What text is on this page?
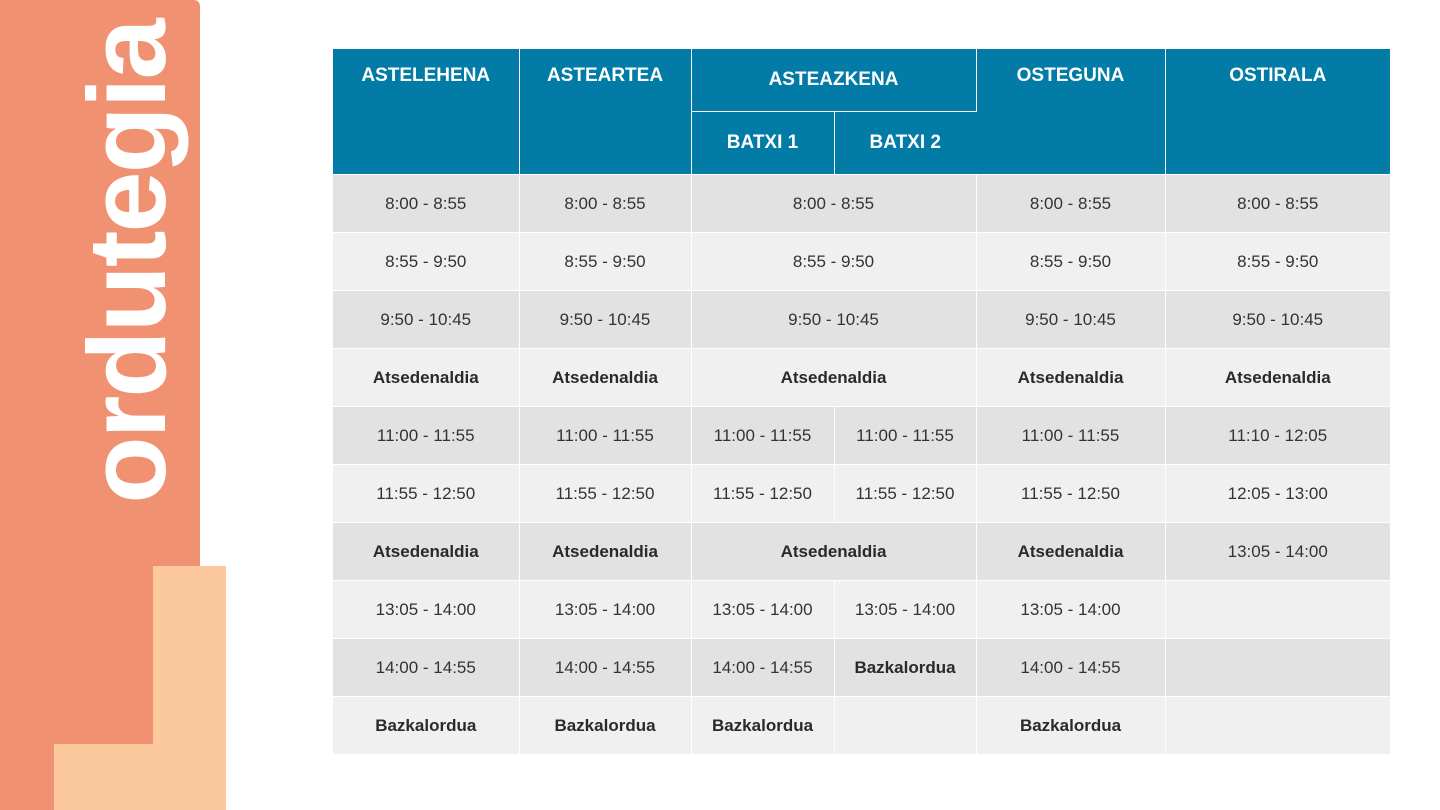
ordutegia	ASTELEHENA	ASTEARTEA	ASTEAZKENA		OSTEGUNA	OSTIRALA
		BATXI 1	BATXI 2		
8:00 - 8:55	8:00 - 8:55	8:00 - 8:55		8:00 - 8:55	8:00 - 8:55
8:55 - 9:50	8:55 - 9:50	8:55 - 9:50		8:55 - 9:50	8:55 - 9:50
9:50 - 10:45	9:50 - 10:45	9:50 - 10:45		9:50 - 10:45	9:50 - 10:45
Atsedenaldia	Atsedenaldia	Atsedenaldia		Atsedenaldia	Atsedenaldia
11:00 - 11:55	11:00 - 11:55	11:00 - 11:55	11:00 - 11:55	11:00 - 11:55	11:10 - 12:05
11:55 - 12:50	11:55 - 12:50	11:55 - 12:50	11:55 - 12:50	11:55 - 12:50	12:05 - 13:00
Atsedenaldia	Atsedenaldia	Atsedenaldia		Atsedenaldia	13:05 - 14:00
13:05 - 14:00	13:05 - 14:00	13:05 - 14:00	13:05 - 14:00	13:05 - 14:00	
14:00 - 14:55	14:00 - 14:55	14:00 - 14:55	Bazkalordua	14:00 - 14:55	
Bazkalordua	Bazkalordua	Bazkalordua		Bazkalordua	
